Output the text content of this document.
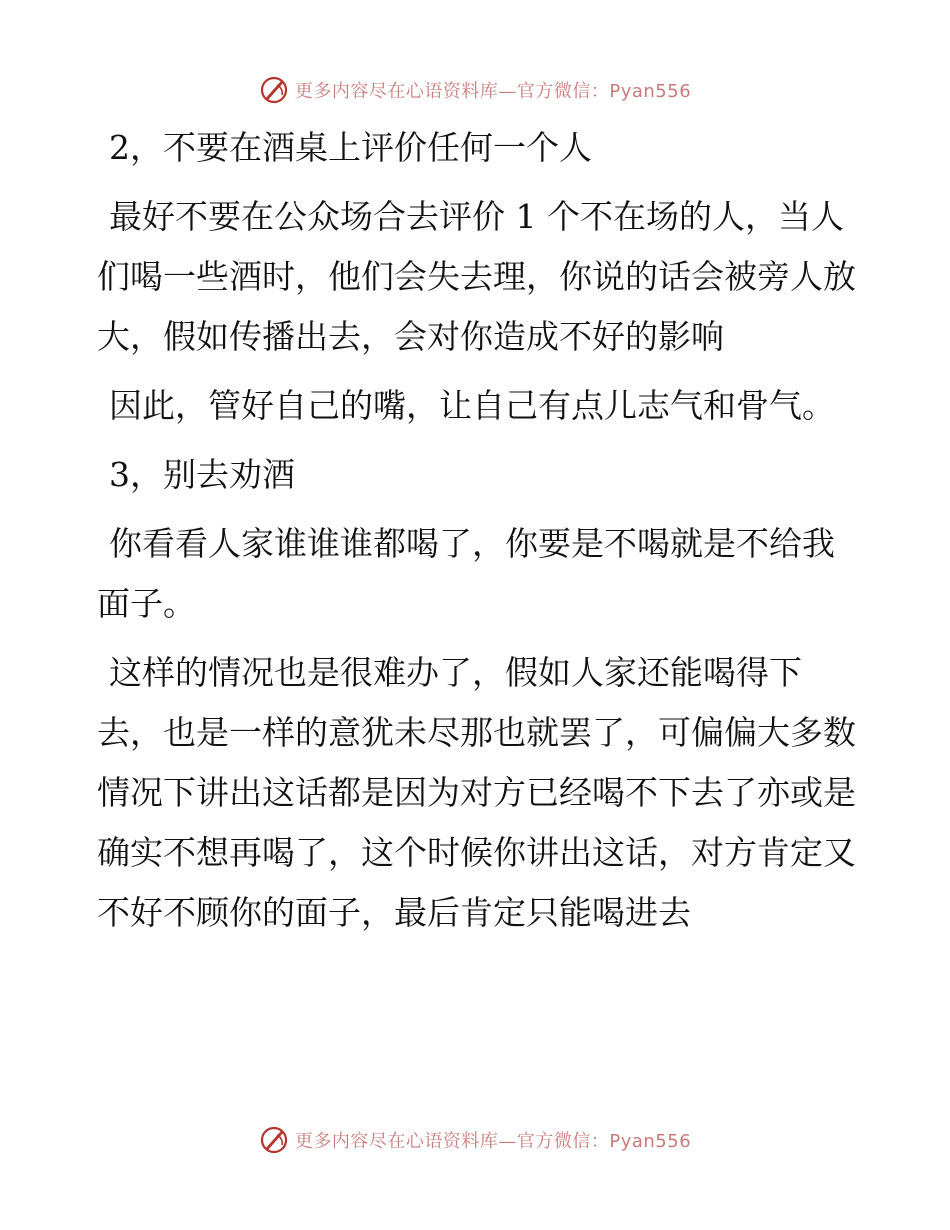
更多内容尽在心语资料库—官方微信：Pyan556

2，不要在酒桌上评价任何一个人

最好不要在公众场合去评价 1 个不在场的人，当人们喝一些酒时，他们会失去理，你说的话会被旁人放大，假如传播出去，会对你造成不好的影响

因此，管好自己的嘴，让自己有点儿志气和骨气。

3，别去劝酒

你看看人家谁谁谁都喝了，你要是不喝就是不给我面子。

这样的情况也是很难办了，假如人家还能喝得下去，也是一样的意犹未尽那也就罢了，可偏偏大多数情况下讲出这话都是因为对方已经喝不下去了亦或是确实不想再喝了，这个时候你讲出这话，对方肯定又不好不顾你的面子，最后肯定只能喝进去

更多内容尽在心语资料库—官方微信：Pyan556
